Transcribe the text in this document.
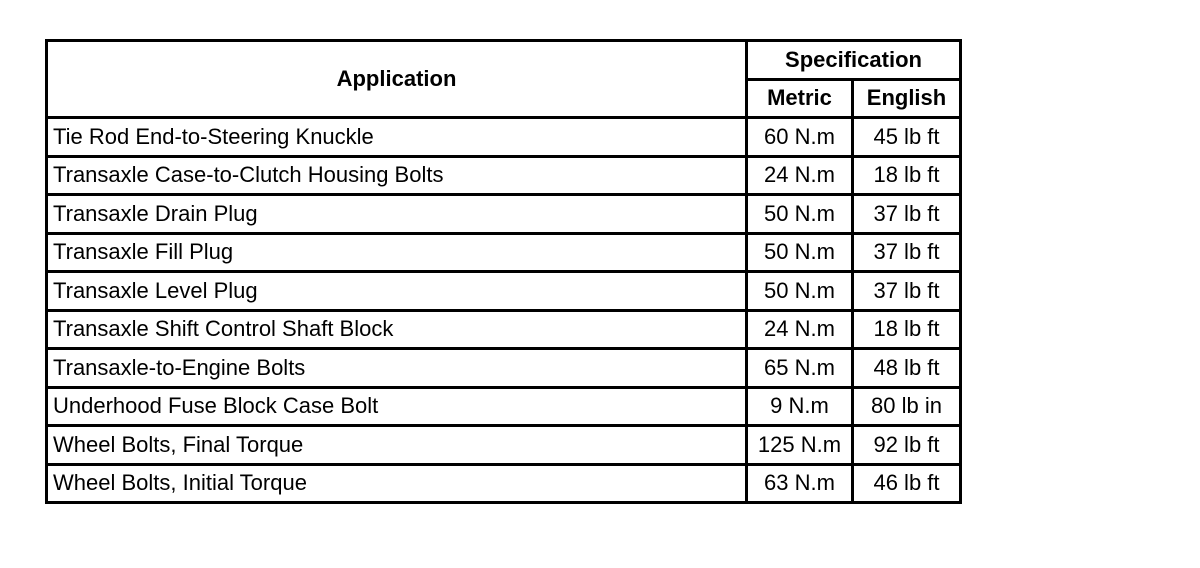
Application	Specification	
	Metric	English
Tie Rod End-to-Steering Knuckle	60 N.m	45 lb ft
Transaxle Case-to-Clutch Housing Bolts	24 N.m	18 lb ft
Transaxle Drain Plug	50 N.m	37 lb ft
Transaxle Fill Plug	50 N.m	37 lb ft
Transaxle Level Plug	50 N.m	37 lb ft
Transaxle Shift Control Shaft Block	24 N.m	18 lb ft
Transaxle-to-Engine Bolts	65 N.m	48 lb ft
Underhood Fuse Block Case Bolt	9 N.m	80 lb in
Wheel Bolts, Final Torque	125 N.m	92 lb ft
Wheel Bolts, Initial Torque	63 N.m	46 lb ft
